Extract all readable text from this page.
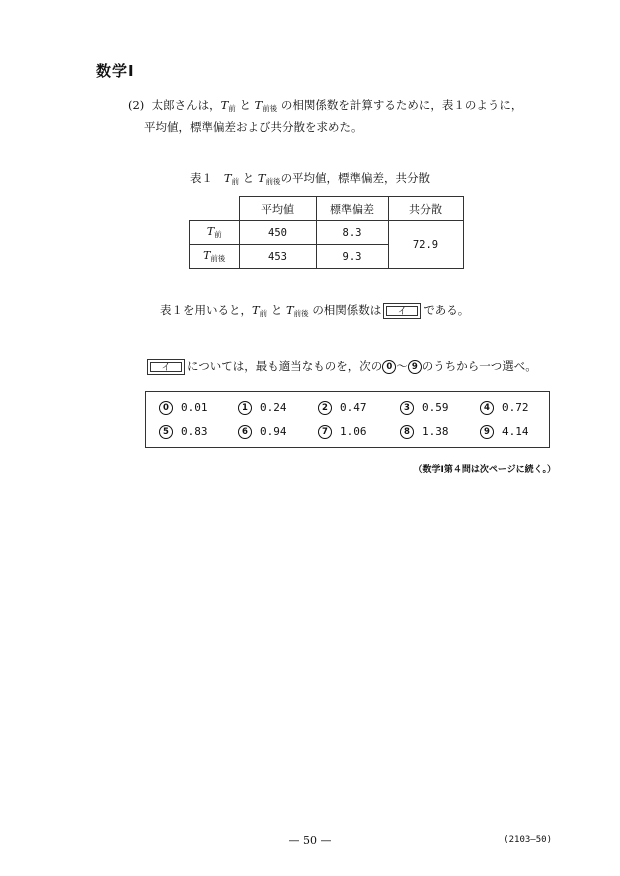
数学Ⅰ
(2) 太郎さんは，$T_前$ と $T_{前後}$ の相関係数を計算するために，表１のように，
平均値，標準偏差および共分散を求めた。
表１ $T_前$ と $T_{前後}$の平均値，標準偏差，共分散
	平均値	標準偏差	共分散
$T_前$	450	8.3	72.9
$T_{前後}$	453	9.3	
表１を用いると，$T_前$ と $T_{前後}$ の相関係数は	イ	である。
イ	については，最も適当なものを，次の 0 ～ 9 のうちから一つ選べ。
0 0.01	1 0.24	2 0.47	3 0.59	4 0.72
5 0.83	6 0.94	7 1.06	8 1.38	9 4.14
（数学Ⅰ第４問は次ページに続く。）
— 50 —	(2103—50)
